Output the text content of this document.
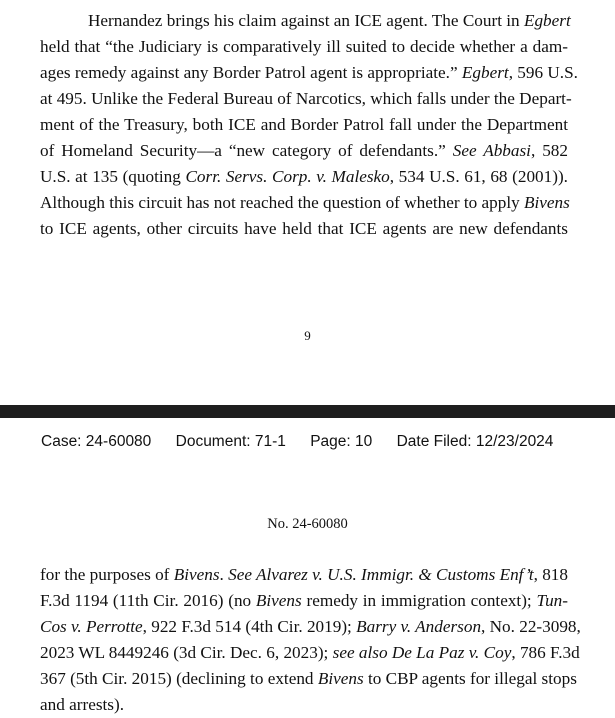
Hernandez brings his claim against an ICE agent. The Court in Egbert
held that “the Judiciary is comparatively ill suited to decide whether a dam-
ages remedy against any Border Patrol agent is appropriate.” Egbert, 596 U.S.
at 495. Unlike the Federal Bureau of Narcotics, which falls under the Depart-
ment of the Treasury, both ICE and Border Patrol fall under the Department
of Homeland Security—a “new category of defendants.” See Abbasi, 582
U.S. at 135 (quoting Corr. Servs. Corp. v. Malesko, 534 U.S. 61, 68 (2001)).
Although this circuit has not reached the question of whether to apply Bivens
to ICE agents, other circuits have held that ICE agents are new defendants
9
Case: 24-60080 Document: 71-1 Page: 10 Date Filed: 12/23/2024
No. 24-60080
for the purposes of Bivens. See Alvarez v. U.S. Immigr. & Customs Enf’t, 818
F.3d 1194 (11th Cir. 2016) (no Bivens remedy in immigration context); Tun-
Cos v. Perrotte, 922 F.3d 514 (4th Cir. 2019); Barry v. Anderson, No. 22-3098,
2023 WL 8449246 (3d Cir. Dec. 6, 2023); see also De La Paz v. Coy, 786 F.3d
367 (5th Cir. 2015) (declining to extend Bivens to CBP agents for illegal stops
and arrests).
